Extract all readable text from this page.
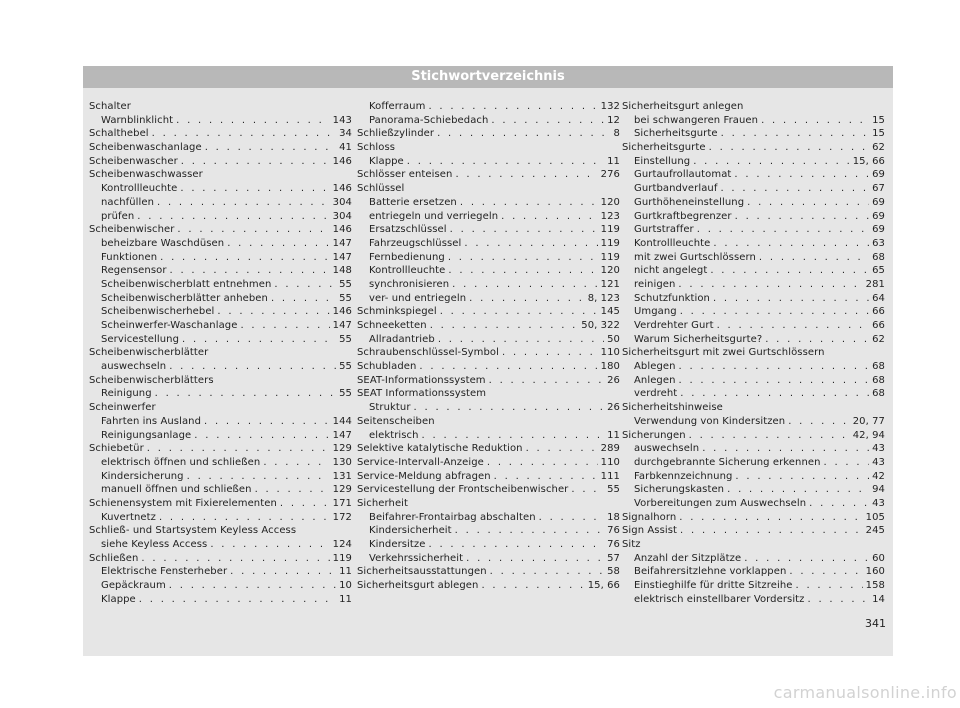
Stichwortverzeichnis
Schalter
Warnblinklicht . . .	143
Schalthebel . . .	34
Scheibenwaschanlage . . .	41
Scheibenwascher . . .	146
Scheibenwaschwasser
Kontrollleuchte . . .	146
nachfüllen . . .	304
prüfen . . .	304
Scheibenwischer . . .	146
beheizbare Waschdüsen . . .	147
Funktionen . . .	147
Regensensor . . .	148
Scheibenwischerblatt entnehmen . . .	55
Scheibenwischerblätter anheben . . .	55
Scheibenwischerhebel . . .	146
Scheinwerfer-Waschanlage . . .	147
Servicestellung . . .	55
Scheibenwischerblätter
auswechseln . . .	55
Scheibenwischerblätters
Reinigung . . .	55
Scheinwerfer
Fahrten ins Ausland . . .	144
Reinigungsanlage . . .	147
Schiebetür . . .	129
elektrisch öffnen und schließen . . .	130
Kindersicherung . . .	131
manuell öffnen und schließen . . .	129
Schienensystem mit Fixierelementen . . .	171
Kuvertnetz . . .	172
Schließ- und Startsystem Keyless Access
siehe Keyless Access . . .	124
Schließen . . .	119
Elektrische Fensterheber . . .	11
Gepäckraum . . .	10
Klappe . . .	11
Kofferraum . . .	132
Panorama-Schiebedach . . .	12
Schließzylinder . . .	8
Schloss
Klappe . . .	11
Schlösser enteisen . . .	276
Schlüssel
Batterie ersetzen . . .	120
entriegeln und verriegeln . . .	123
Ersatzschlüssel . . .	119
Fahrzeugschlüssel . . .	119
Fernbedienung . . .	119
Kontrollleuchte . . .	120
synchronisieren . . .	121
ver- und entriegeln . . .	8, 123
Schminkspiegel . . .	145
Schneeketten . . .	50, 322
Allradantrieb . . .	50
Schraubenschlüssel-Symbol . . .	110
Schubladen . . .	180
SEAT-Informationssystem . . .	26
SEAT Informationssystem
Struktur . . .	26
Seitenscheiben
elektrisch . . .	11
Selektive katalytische Reduktion . . .	289
Service-Intervall-Anzeige . . .	110
Service-Meldung abfragen . . .	111
Servicestellung der Frontscheibenwischer . . .	55
Sicherheit
Beifahrer-Frontairbag abschalten . . .	18
Kindersicherheit . . .	76
Kindersitze . . .	76
Verkehrssicherheit . . .	57
Sicherheitsausstattungen . . .	58
Sicherheitsgurt ablegen . . .	15, 66
Sicherheitsgurt anlegen
bei schwangeren Frauen . . .	15
Sicherheitsgurte . . .	15
Sicherheitsgurte . . .	62
Einstellung . . .	15, 66
Gurtaufrollautomat . . .	69
Gurtbandverlauf . . .	67
Gurthöheneinstellung . . .	69
Gurtkraftbegrenzer . . .	69
Gurtstraffer . . .	69
Kontrollleuchte . . .	63
mit zwei Gurtschlössern . . .	68
nicht angelegt . . .	65
reinigen . . .	281
Schutzfunktion . . .	64
Umgang . . .	66
Verdrehter Gurt . . .	66
Warum Sicherheitsgurte? . . .	62
Sicherheitsgurt mit zwei Gurtschlössern
Ablegen . . .	68
Anlegen . . .	68
verdreht . . .	68
Sicherheitshinweise
Verwendung von Kindersitzen . . .	20, 77
Sicherungen . . .	42, 94
auswechseln . . .	43
durchgebrannte Sicherung erkennen . . .	43
Farbkennzeichnung . . .	42
Sicherungskasten . . .	94
Vorbereitungen zum Auswechseln . . .	43
Signalhorn . . .	105
Sign Assist . . .	245
Sitz
Anzahl der Sitzplätze . . .	60
Beifahrersitzlehne vorklappen . . .	160
Einstieghilfe für dritte Sitzreihe . . .	158
elektrisch einstellbarer Vordersitz . . .	14
341
carmanualsonline.info
